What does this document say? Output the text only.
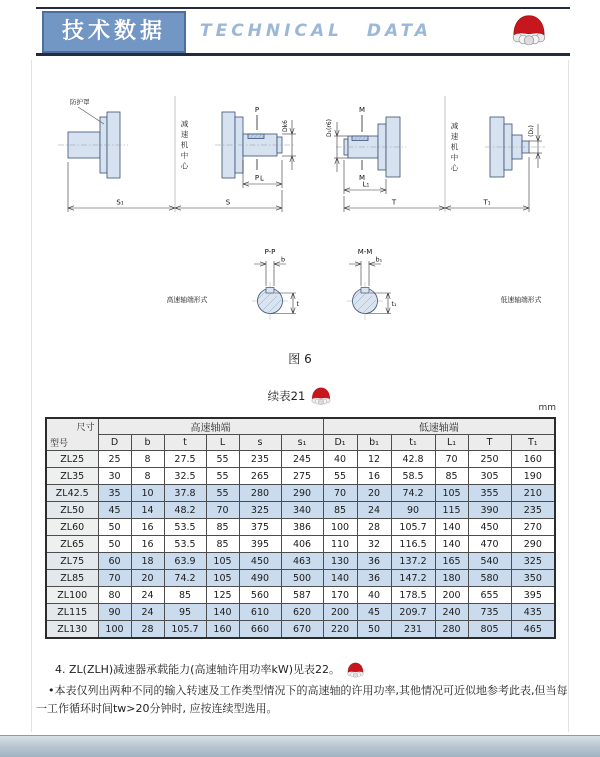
技术数据	TECHNICAL DATA
防护罩
P
P
Dk6
L
S₁	S
M
M
D₁(r6)
L₁
T
(D₂)
T₁
P-P
b
t
高速轴端形式
M-M
b₁
t₁	低速轴端形式
减速机中心	减速机中心
图 6
续表21
mm
尺寸
型号	高速轴端						低速轴端					
	D	b	t	L	s	s₁	D₁	b₁	t₁	L₁	T	T₁
ZL25	25	8	27.5	55	235	245	40	12	42.8	70	250	160
ZL35	30	8	32.5	55	265	275	55	16	58.5	85	305	190
ZL42.5	35	10	37.8	55	280	290	70	20	74.2	105	355	210
ZL50	45	14	48.2	70	325	340	85	24	90	115	390	235
ZL60	50	16	53.5	85	375	386	100	28	105.7	140	450	270
ZL65	50	16	53.5	85	395	406	110	32	116.5	140	470	290
ZL75	60	18	63.9	105	450	463	130	36	137.2	165	540	325
ZL85	70	20	74.2	105	490	500	140	36	147.2	180	580	350
ZL100	80	24	85	125	560	587	170	40	178.5	200	655	395
ZL115	90	24	95	140	610	620	200	45	209.7	240	735	435
ZL130	100	28	105.7	160	660	670	220	50	231	280	805	465

4. ZL(ZLH)减速器承载能力(高速轴许用功率kW)见表22。

•本表仅列出两种不同的输入转速及工作类型情况下的高速轴的许用功率,其他情况可近似地参考此表,但当每一工作循环时间tw>20分钟时, 应按连续型选用。
